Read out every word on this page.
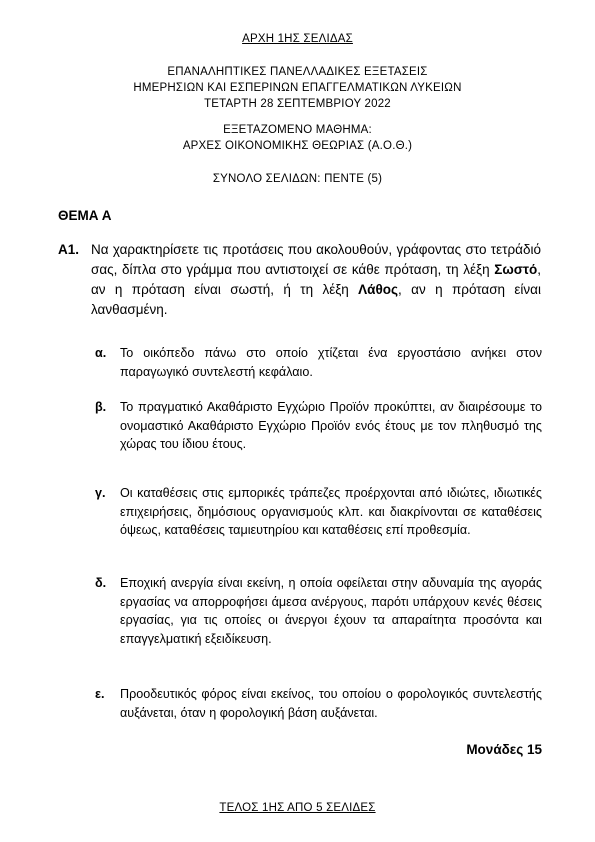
ΑΡΧΗ 1ΗΣ ΣΕΛΙΔΑΣ
ΕΠΑΝΑΛΗΠΤΙΚΕΣ ΠΑΝΕΛΛΑΔΙΚΕΣ ΕΞΕΤΑΣΕΙΣ
ΗΜΕΡΗΣΙΩΝ ΚΑΙ ΕΣΠΕΡΙΝΩΝ ΕΠΑΓΓΕΛΜΑΤΙΚΩΝ ΛΥΚΕΙΩΝ
ΤΕΤΑΡΤΗ 28 ΣΕΠΤΕΜΒΡΙΟΥ 2022
ΕΞΕΤΑΖΟΜΕΝΟ ΜΑΘΗΜΑ:
ΑΡΧΕΣ ΟΙΚΟΝΟΜΙΚΗΣ ΘΕΩΡΙΑΣ (Α.Ο.Θ.)
ΣΥΝΟΛΟ ΣΕΛΙΔΩΝ: ΠΕΝΤΕ (5)
ΘΕΜΑ Α
Α1. Να χαρακτηρίσετε τις προτάσεις που ακολουθούν, γράφοντας στο τετράδιό σας, δίπλα στο γράμμα που αντιστοιχεί σε κάθε πρόταση, τη λέξη Σωστό, αν η πρόταση είναι σωστή, ή τη λέξη Λάθος, αν η πρόταση είναι λανθασμένη.
α. Το οικόπεδο πάνω στο οποίο χτίζεται ένα εργοστάσιο ανήκει στον παραγωγικό συντελεστή κεφάλαιο.
β. Το πραγματικό Ακαθάριστο Εγχώριο Προϊόν προκύπτει, αν διαιρέσουμε το ονομαστικό Ακαθάριστο Εγχώριο Προϊόν ενός έτους με τον πληθυσμό της χώρας του ίδιου έτους.
γ. Οι καταθέσεις στις εμπορικές τράπεζες προέρχονται από ιδιώτες, ιδιωτικές επιχειρήσεις, δημόσιους οργανισμούς κλπ. και διακρίνονται σε καταθέσεις όψεως, καταθέσεις ταμιευτηρίου και καταθέσεις επί προθεσμία.
δ. Εποχική ανεργία είναι εκείνη, η οποία οφείλεται στην αδυναμία της αγοράς εργασίας να απορροφήσει άμεσα ανέργους, παρότι υπάρχουν κενές θέσεις εργασίας, για τις οποίες οι άνεργοι έχουν τα απαραίτητα προσόντα και επαγγελματική εξειδίκευση.
ε. Προοδευτικός φόρος είναι εκείνος, του οποίου ο φορολογικός συντελεστής αυξάνεται, όταν η φορολογική βάση αυξάνεται.
Μονάδες 15
ΤΕΛΟΣ 1ΗΣ ΑΠΟ 5 ΣΕΛΙΔΕΣ
